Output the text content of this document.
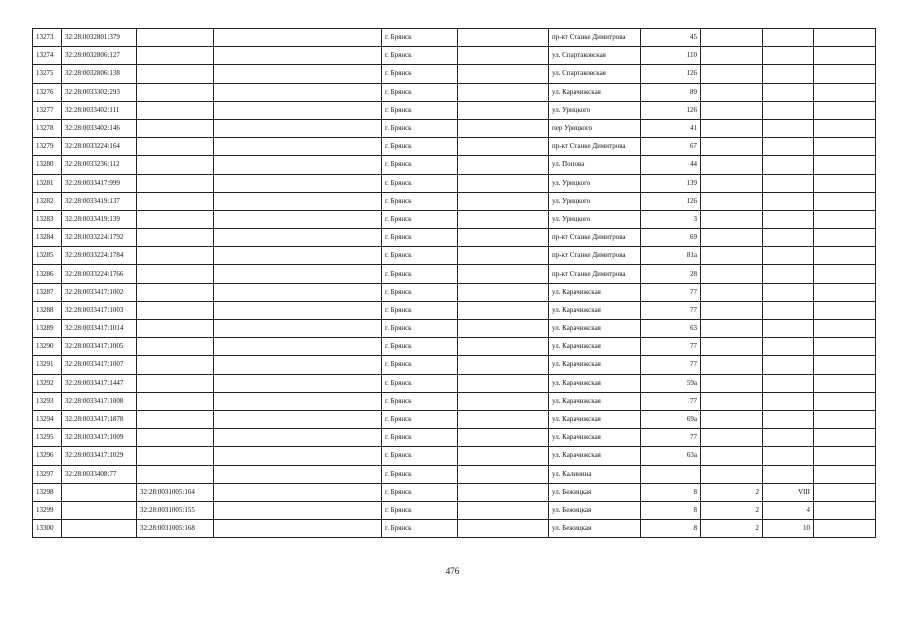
13273	32:28:0032801:379			г. Брянск		пр-кт Станке Димитрова	45			
13274	32:28:0032806:127			г. Брянск		ул. Спартаковская	110			
13275	32:28:0032806:138			г. Брянск		ул. Спартаковская	126			
13276	32:28:0033302:293			г. Брянск		ул. Карачижская	89			
13277	32:28:0033402:111			г. Брянск		ул. Урицкого	126			
13278	32:28:0033402:146			г. Брянск		пер Урицкого	41			
13279	32:28:0033224:164			г. Брянск		пр-кт Станке Димитрова	67			
13280	32:28:0033236:112			г. Брянск		ул. Попова	44			
13281	32:28:0033417:999			г. Брянск		ул. Урицкого	139			
13282	32:28:0033419:137			г. Брянск		ул. Урицкого	126			
13283	32:28:0033419:139			г. Брянск		ул. Урицкого	3			
13284	32:28:0033224:1792			г. Брянск		пр-кт Станке Димитрова	69			
13285	32:28:0033224:1784			г. Брянск		пр-кт Станке Димитрова	81а			
13286	32:28:0033224:1766			г. Брянск		пр-кт Станке Димитрова	28			
13287	32:28:0033417:1002			г. Брянск		ул. Карачижская	77			
13288	32:28:0033417:1003			г. Брянск		ул. Карачижская	77			
13289	32:28:0033417:1014			г. Брянск		ул. Карачижская	63			
13290	32:28:0033417:1005			г. Брянск		ул. Карачижская	77			
13291	32:28:0033417:1007			г. Брянск		ул. Карачижская	77			
13292	32:28:0033417:1447			г. Брянск		ул. Карачижская	59а			
13293	32:28:0033417:1008			г. Брянск		ул. Карачижская	77			
13294	32:28:0033417:1878			г. Брянск		ул. Карачижская	69а			
13295	32:28:0033417:1009			г. Брянск		ул. Карачижская	77			
13296	32:28:0033417:1029			г. Брянск		ул. Карачижская	63а			
13297	32:28:0033408:77			г. Брянск		ул. Калинина				
13298		32:28:0031005:164		г. Брянск		ул. Бежицкая	8	2	VIII	
13299		32:28:0031005:155		г. Брянск		ул. Бежицкая	8	2	4	
13300		32:28:0031005:168		г. Брянск		ул. Бежицкая	8	2	10	
476
